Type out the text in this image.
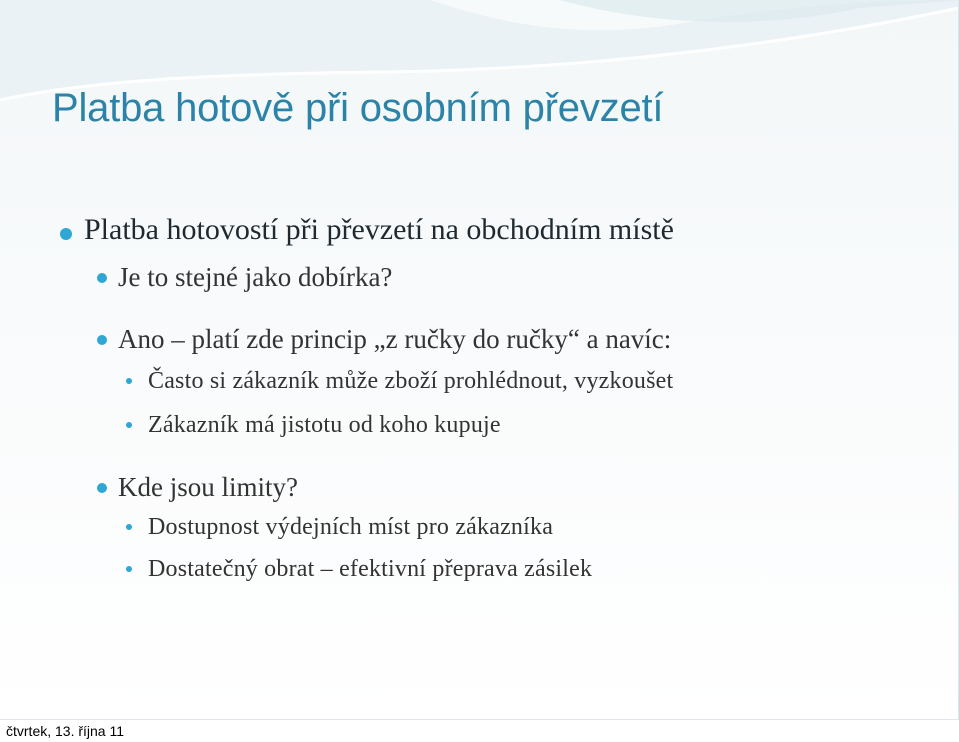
Platba hotově při osobním převzetí
Platba hotovostí při převzetí na obchodním místě
Je to stejné jako dobírka?
Ano – platí zde princip „z ručky do ručky“ a navíc:
Často si zákazník může zboží prohlédnout, vyzkoušet
Zákazník má jistotu od koho kupuje
Kde jsou limity?
Dostupnost výdejních míst pro zákazníka
Dostatečný obrat – efektivní přeprava zásilek
čtvrtek, 13. října 11
